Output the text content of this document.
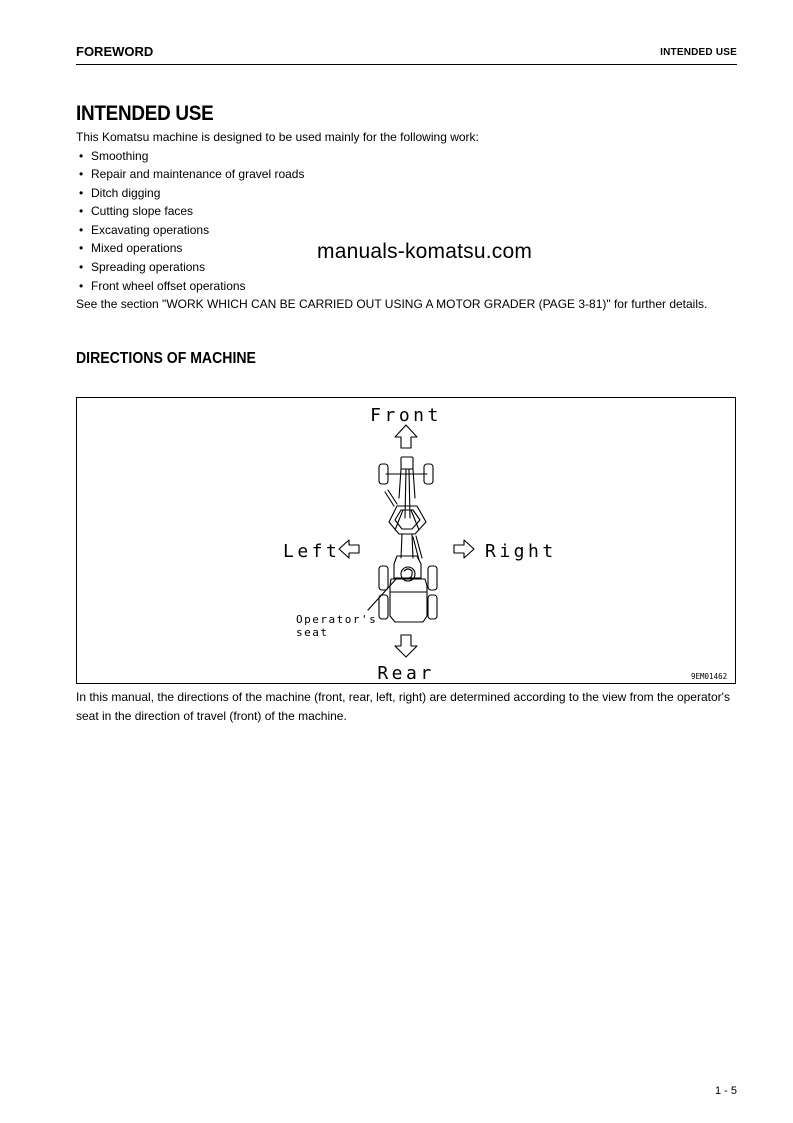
FOREWORD	INTENDED USE
INTENDED USE
This Komatsu machine is designed to be used mainly for the following work:
• Smoothing
• Repair and maintenance of gravel roads
• Ditch digging
• Cutting slope faces
• Excavating operations
• Mixed operations
• Spreading operations
• Front wheel offset operations
manuals-komatsu.com
See the section "WORK WHICH CAN BE CARRIED OUT USING A MOTOR GRADER (PAGE 3-81)" for further details.
DIRECTIONS OF MACHINE
Front
Rear
Left	Right
Operator's
seat
9EM01462
In this manual, the directions of the machine (front, rear, left, right) are determined according to the view from the operator's seat in the direction of travel (front) of the machine.
1 - 5
